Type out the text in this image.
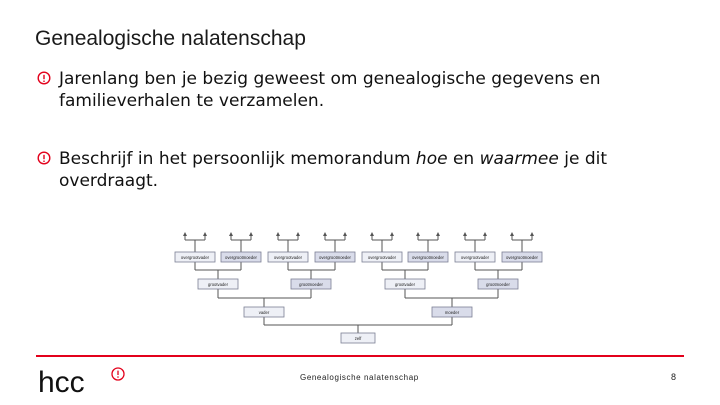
Genealogische nalatenschap
Jarenlang ben je bezig geweest om genealogische gegevens en familieverhalen te verzamelen.
Beschrijf in het persoonlijk memorandum hoe en waarmee je dit overdraagt.
overgrootvader	overgrootmoeder	overgrootvader	overgrootmoeder	overgrootvader	overgrootmoeder	overgrootvader	overgrootmoeder
grootvader	grootmoeder	grootvader	grootmoeder
vader	moeder
zelf
hcc	Genealogische nalatenschap	8
